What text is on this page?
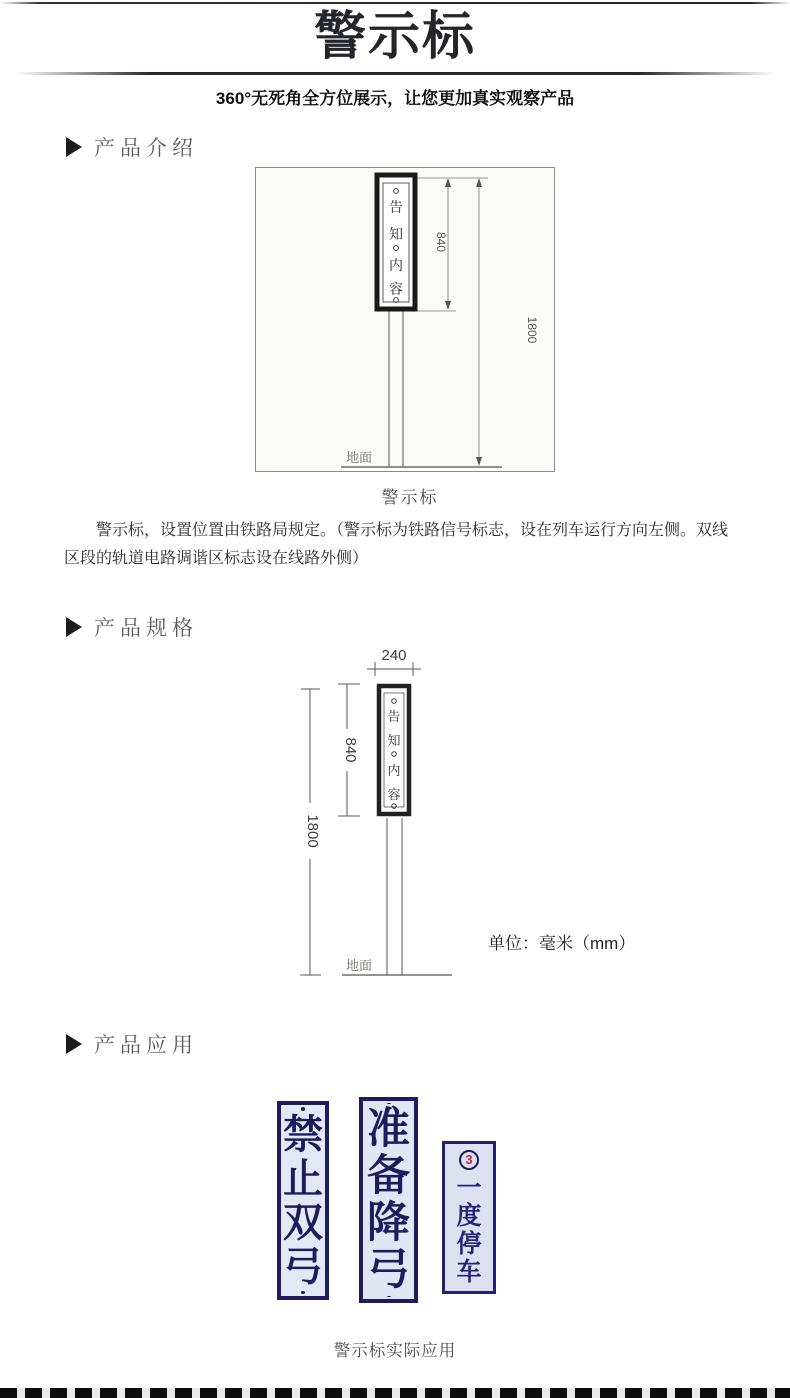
警示标
360°无死角全方位展示，让您更加真实观察产品
产品介绍
告
知
内
容
840
1800
地面
警示标
警示标，设置位置由铁路局规定。（警示标为铁路信号标志，设在列车运行方向左侧。双线区段的轨道电路调谐区标志设在线路外侧）
产品规格
240
告
知
内
容
840
1800
地面
单位：毫米（mm）
产品应用
禁
止
双
弓
准
备
降
弓
3
一
度
停
车
警示标实际应用
